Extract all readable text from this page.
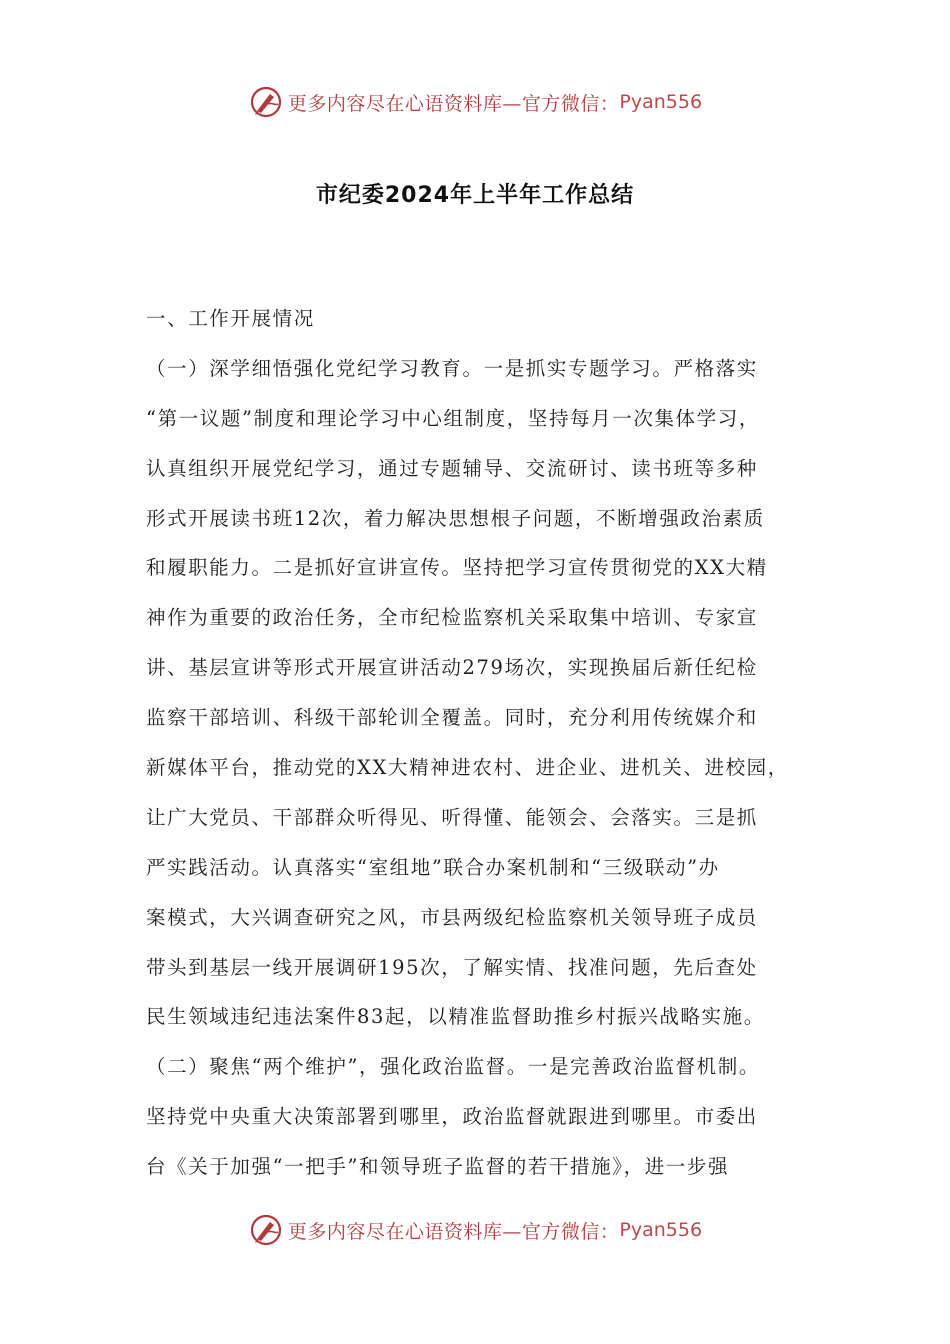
更多内容尽在心语资料库—官方微信： Pyan556
市纪委2024年上半年工作总结
一、工作开展情况
（一）深学细悟强化党纪学习教育。一是抓实专题学习。严格落实
“第一议题”制度和理论学习中心组制度，坚持每月一次集体学习，
认真组织开展党纪学习，通过专题辅导、交流研讨、读书班等多种
形式开展读书班12次，着力解决思想根子问题，不断增强政治素质
和履职能力。二是抓好宣讲宣传。坚持把学习宣传贯彻党的XX大精
神作为重要的政治任务，全市纪检监察机关采取集中培训、专家宣
讲、基层宣讲等形式开展宣讲活动279场次，实现换届后新任纪检
监察干部培训、科级干部轮训全覆盖。同时，充分利用传统媒介和
新媒体平台，推动党的XX大精神进农村、进企业、进机关、进校园，
让广大党员、干部群众听得见、听得懂、能领会、会落实。三是抓
严实践活动。认真落实“室组地”联合办案机制和“三级联动”办
案模式，大兴调查研究之风，市县两级纪检监察机关领导班子成员
带头到基层一线开展调研195次，了解实情、找准问题，先后查处
民生领域违纪违法案件83起，以精准监督助推乡村振兴战略实施。
（二）聚焦“两个维护”，强化政治监督。一是完善政治监督机制。
坚持党中央重大决策部署到哪里，政治监督就跟进到哪里。市委出
台《关于加强“一把手”和领导班子监督的若干措施》，进一步强
更多内容尽在心语资料库—官方微信： Pyan556
